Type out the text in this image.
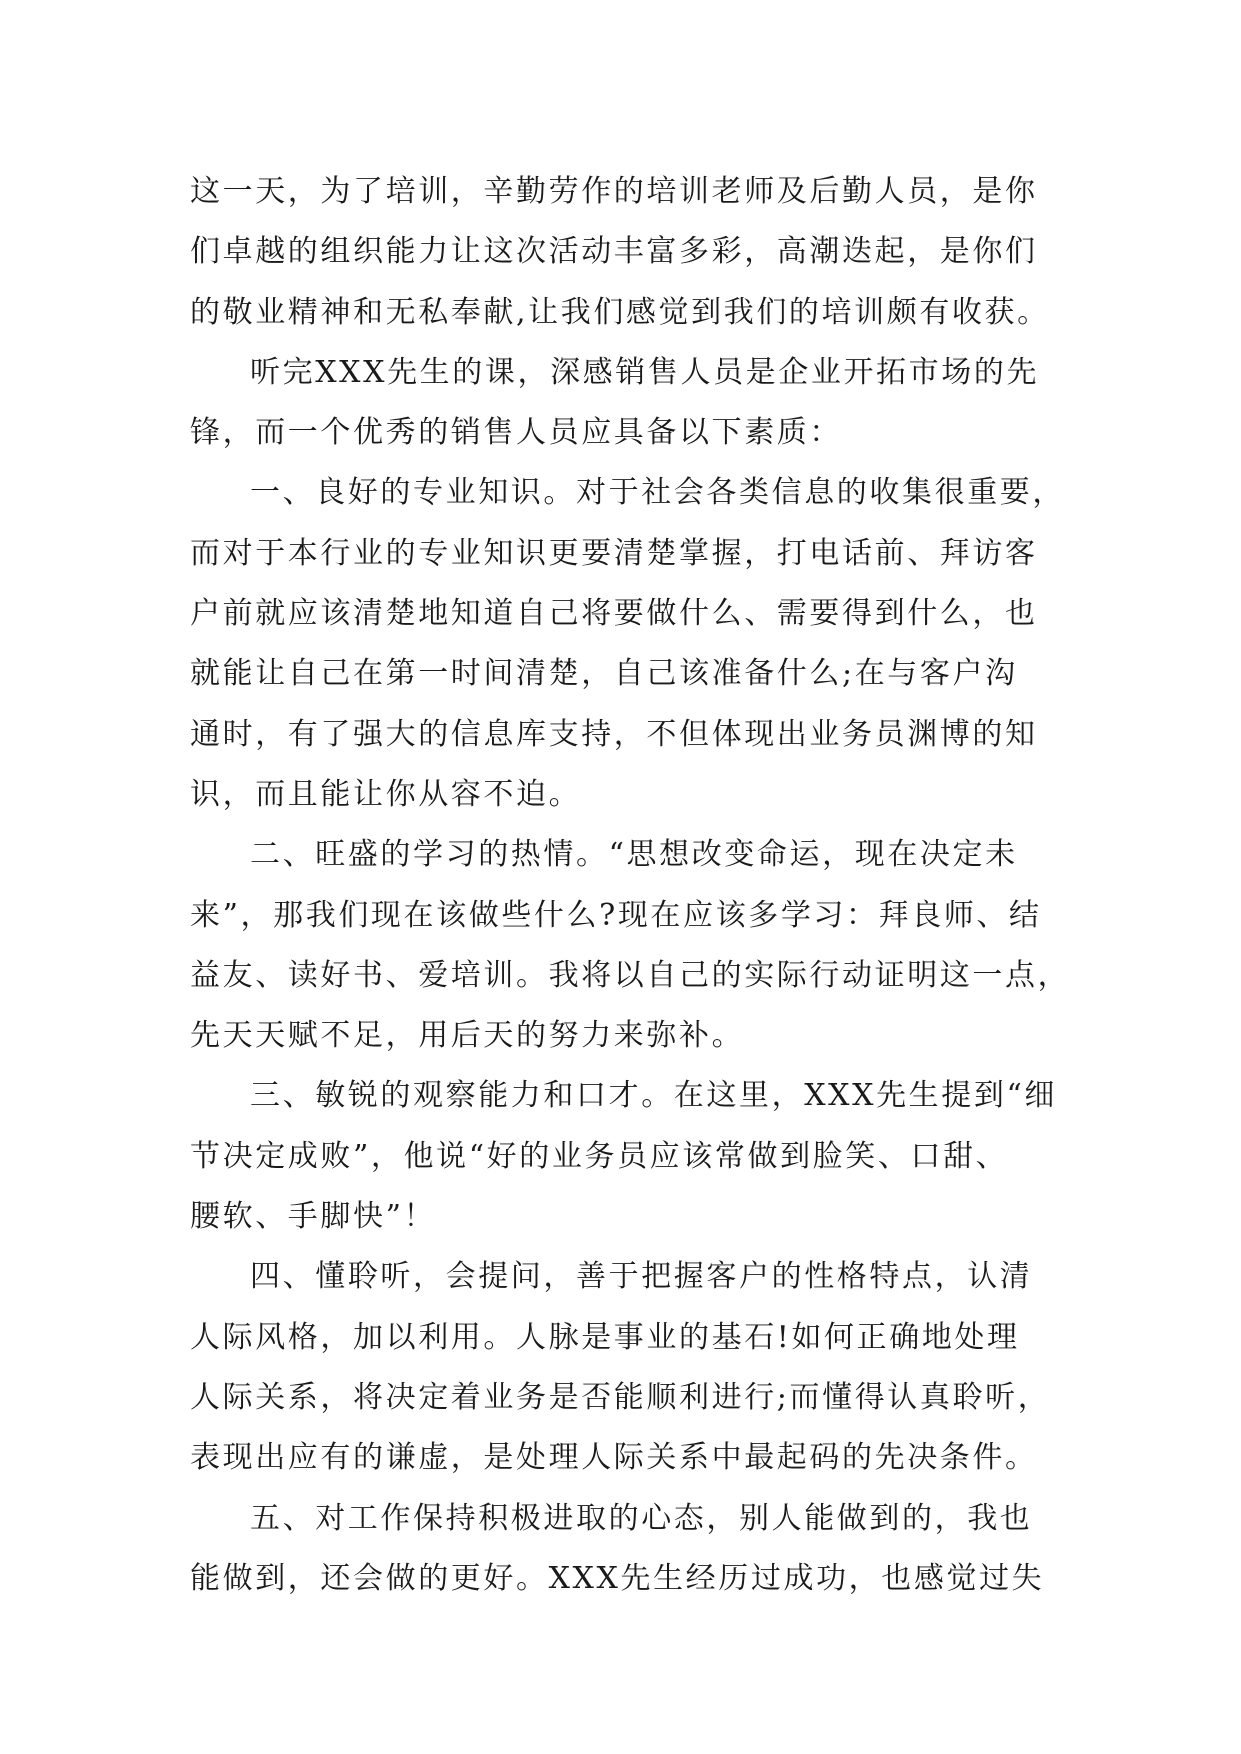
这一天，为了培训，辛勤劳作的培训老师及后勤人员，是你
们卓越的组织能力让这次活动丰富多彩，高潮迭起，是你们
的敬业精神和无私奉献,让我们感觉到我们的培训颇有收获。
听完XXX先生的课，深感销售人员是企业开拓市场的先
锋，而一个优秀的销售人员应具备以下素质：
一、良好的专业知识。对于社会各类信息的收集很重要，
而对于本行业的专业知识更要清楚掌握，打电话前、拜访客
户前就应该清楚地知道自己将要做什么、需要得到什么，也
就能让自己在第一时间清楚，自己该准备什么;在与客户沟
通时，有了强大的信息库支持，不但体现出业务员渊博的知
识，而且能让你从容不迫。
二、旺盛的学习的热情。“思想改变命运，现在决定未
来”，那我们现在该做些什么?现在应该多学习：拜良师、结
益友、读好书、爱培训。我将以自己的实际行动证明这一点，
先天天赋不足，用后天的努力来弥补。
三、敏锐的观察能力和口才。在这里，XXX先生提到“细
节决定成败”，他说“好的业务员应该常做到脸笑、口甜、
腰软、手脚快”！
四、懂聆听，会提问，善于把握客户的性格特点，认清
人际风格，加以利用。人脉是事业的基石!如何正确地处理
人际关系，将决定着业务是否能顺利进行;而懂得认真聆听，
表现出应有的谦虚，是处理人际关系中最起码的先决条件。
五、对工作保持积极进取的心态，别人能做到的，我也
能做到，还会做的更好。XXX先生经历过成功，也感觉过失
